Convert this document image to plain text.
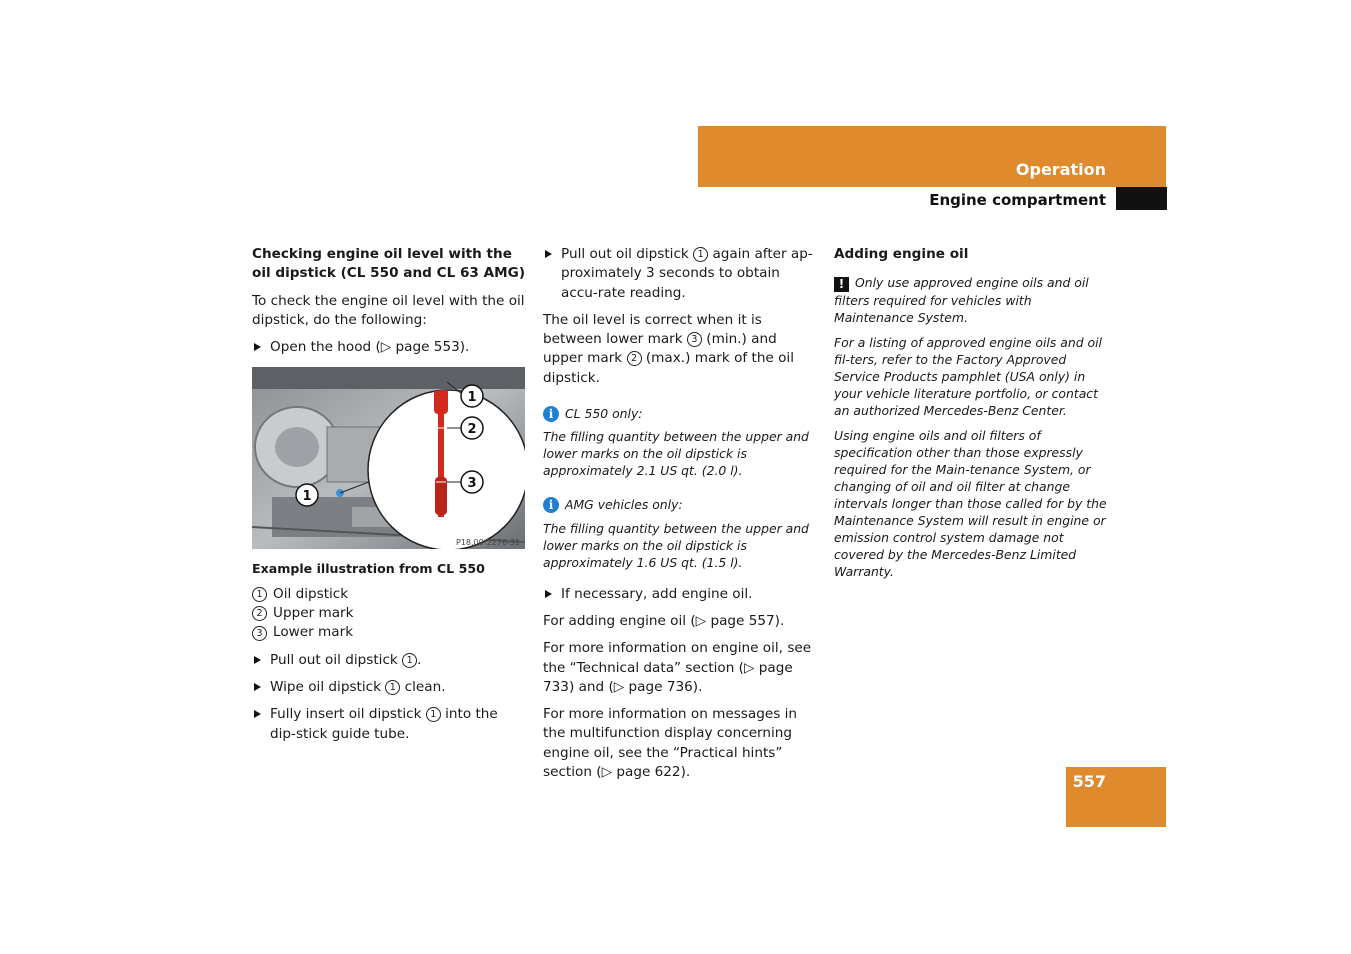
Operation
Engine compartment

Checking engine oil level with the oil dipstick (CL 550 and CL 63 AMG)

To check the engine oil level with the oil dipstick, do the following:

Open the hood (▷ page 553).
1
2
3
1
P18.00-2276-31
Example illustration from CL 550
1 Oil dipstick
2 Upper mark
3 Lower mark
Pull out oil dipstick 1 .
Wipe oil dipstick 1 clean.
Fully insert oil dipstick 1 into the dip-stick guide tube.
Pull out oil dipstick 1 again after ap-proximately 3 seconds to obtain accu-rate reading.

The oil level is correct when it is between lower mark 3 (min.) and upper mark 2 (max.) mark of the oil dipstick.

i CL 550 only:

The filling quantity between the upper and lower marks on the oil dipstick is approximately 2.1 US qt. (2.0 l).

i AMG vehicles only:

The filling quantity between the upper and lower marks on the oil dipstick is approximately 1.6 US qt. (1.5 l).

If necessary, add engine oil.

For adding engine oil (▷ page 557).

For more information on engine oil, see the “Technical data” section (▷ page 733) and (▷ page 736).

For more information on messages in the multifunction display concerning engine oil, see the “Practical hints” section (▷ page 622).

Adding engine oil

! Only use approved engine oils and oil filters required for vehicles with Maintenance System.

For a listing of approved engine oils and oil fil-ters, refer to the Factory Approved Service Products pamphlet (USA only) in your vehicle literature portfolio, or contact an authorized Mercedes-Benz Center.

Using engine oils and oil filters of specification other than those expressly required for the Main-tenance System, or changing of oil and oil filter at change intervals longer than those called for by the Maintenance System will result in engine or emission control system damage not covered by the Mercedes-Benz Limited Warranty.

557
